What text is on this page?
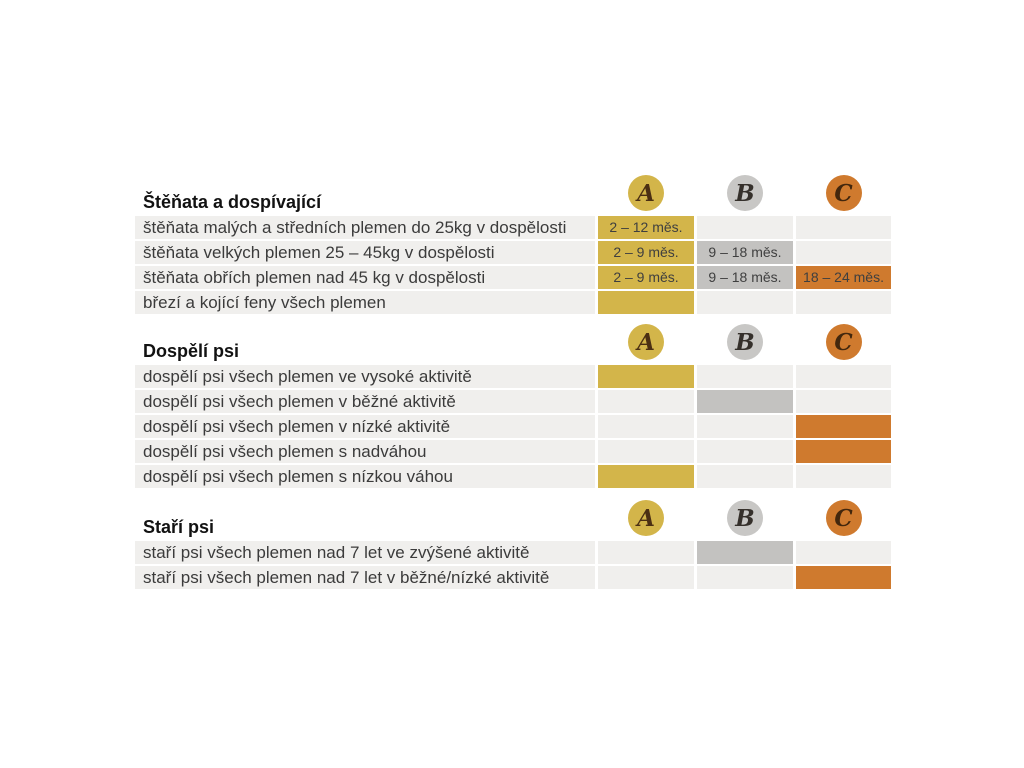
Štěňata a dospívající	A	B	C
štěňata malých a středních plemen do 25kg v dospělosti	2 – 12 měs.
štěňata velkých plemen 25 – 45kg v dospělosti	2 – 9 měs.	9 – 18 měs.
štěňata obřích plemen nad 45 kg v dospělosti	2 – 9 měs.	9 – 18 měs.	18 – 24 měs.
březí a kojící feny všech plemen
Dospělí psi	A	B	C
dospělí psi všech plemen ve vysoké aktivitě
dospělí psi všech plemen v běžné aktivitě
dospělí psi všech plemen v nízké aktivitě
dospělí psi všech plemen s nadváhou
dospělí psi všech plemen s nízkou váhou
Staří psi	A	B	C
staří psi všech plemen nad 7 let ve zvýšené aktivitě
staří psi všech plemen nad 7 let v běžné/nízké aktivitě
